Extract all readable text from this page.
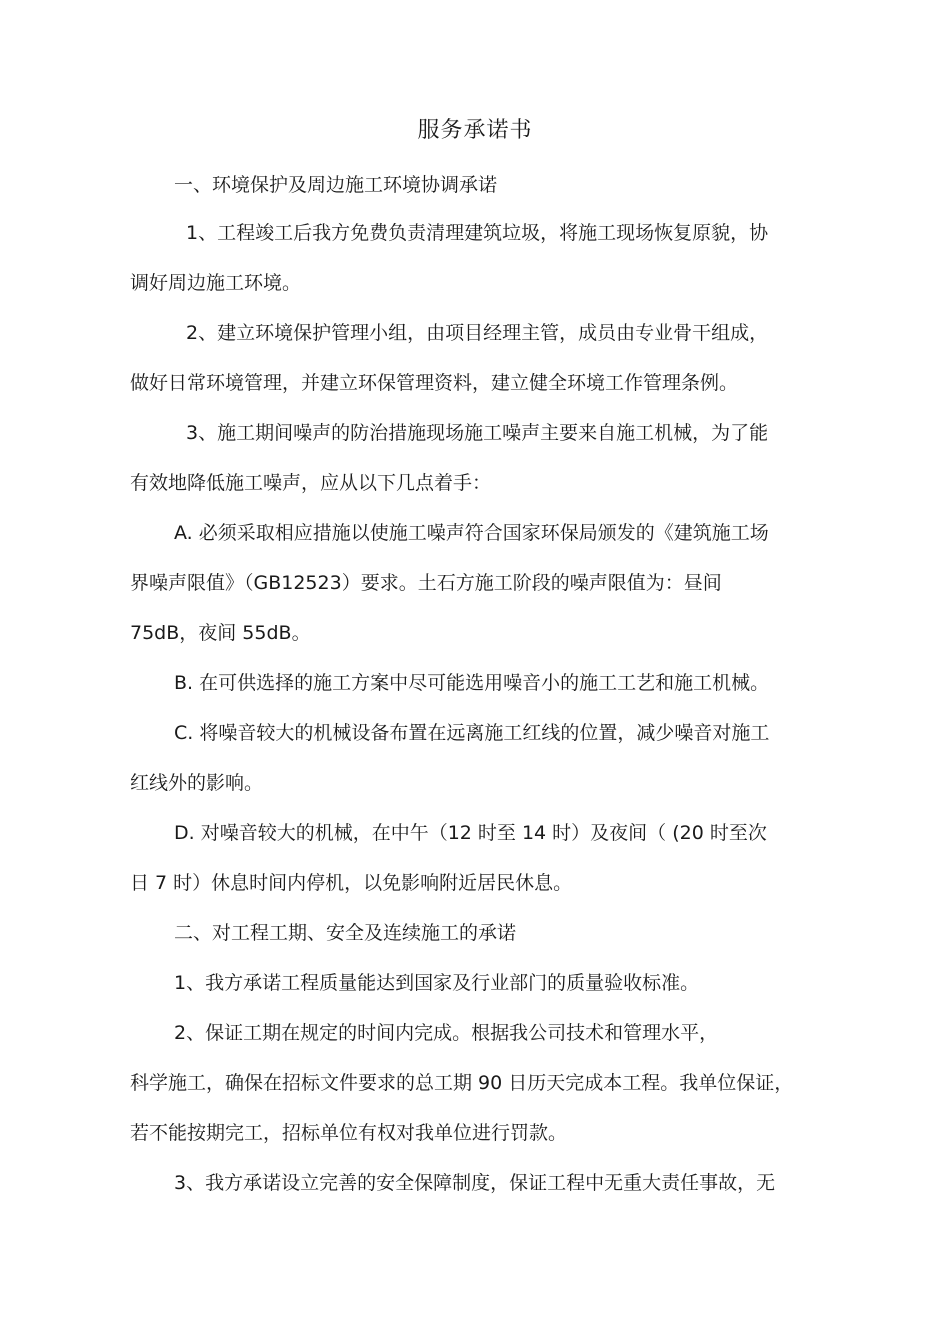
服务承诺书
一、环境保护及周边施工环境协调承诺
1、工程竣工后我方免费负责清理建筑垃圾，将施工现场恢复原貌，协
调好周边施工环境。
2、建立环境保护管理小组，由项目经理主管，成员由专业骨干组成，
做好日常环境管理，并建立环保管理资料，建立健全环境工作管理条例。
3、施工期间噪声的防治措施现场施工噪声主要来自施工机械，为了能
有效地降低施工噪声，应从以下几点着手：
A. 必须采取相应措施以使施工噪声符合国家环保局颁发的《建筑施工场
界噪声限值》（GB12523）要求。土石方施工阶段的噪声限值为：昼间
75dB，夜间 55dB。
B. 在可供选择的施工方案中尽可能选用噪音小的施工工艺和施工机械。
C. 将噪音较大的机械设备布置在远离施工红线的位置，减少噪音对施工
红线外的影响。
D. 对噪音较大的机械，在中午（12 时至 14 时）及夜间（ (20 时至次
日 7 时）休息时间内停机，以免影响附近居民休息。
二、对工程工期、安全及连续施工的承诺
1、我方承诺工程质量能达到国家及行业部门的质量验收标准。
2、保证工期在规定的时间内完成。根据我公司技术和管理水平，
科学施工，确保在招标文件要求的总工期 90 日历天完成本工程。我单位保证，
若不能按期完工，招标单位有权对我单位进行罚款。
3、我方承诺设立完善的安全保障制度，保证工程中无重大责任事故，无
